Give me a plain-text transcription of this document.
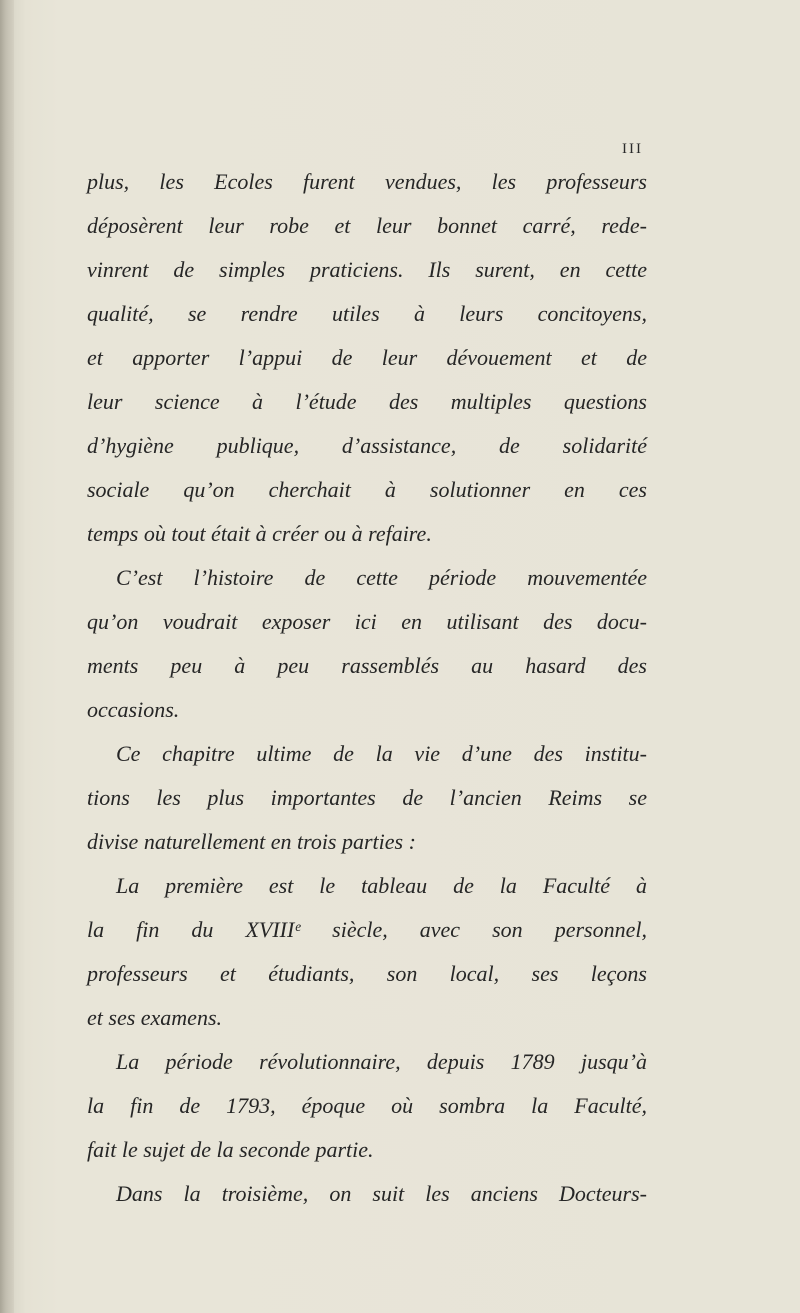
III
plus, les Ecoles furent vendues, les professeurs
déposèrent leur robe et leur bonnet carré, rede-
vinrent de simples praticiens. Ils surent, en cette
qualité, se rendre utiles à leurs concitoyens,
et apporter l’appui de leur dévouement et de
leur science à l’étude des multiples questions
d’hygiène publique, d’assistance, de solidarité
sociale qu’on cherchait à solutionner en ces
temps où tout était à créer ou à refaire.
C’est l’histoire de cette période mouvementée
qu’on voudrait exposer ici en utilisant des docu-
ments peu à peu rassemblés au hasard des
occasions.
Ce chapitre ultime de la vie d’une des institu-
tions les plus importantes de l’ancien Reims se
divise naturellement en trois parties :
La première est le tableau de la Faculté à
la fin du XVIIIᵉ siècle, avec son personnel,
professeurs et étudiants, son local, ses leçons
et ses examens.
La période révolutionnaire, depuis 1789 jusqu’à
la fin de 1793, époque où sombra la Faculté,
fait le sujet de la seconde partie.
Dans la troisième, on suit les anciens Docteurs-
